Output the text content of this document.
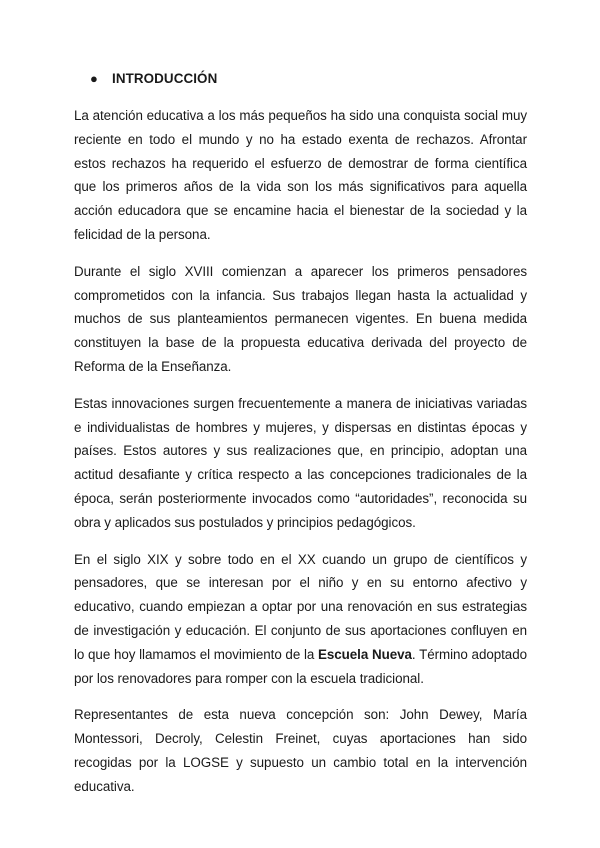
●	INTRODUCCIÓN

La atención educativa a los más pequeños ha sido una conquista social muy reciente en todo el mundo y no ha estado exenta de rechazos. Afrontar estos rechazos ha requerido el esfuerzo de demostrar de forma científica que los primeros años de la vida son los más significativos para aquella acción educadora que se encamine hacia el bienestar de la sociedad y la felicidad de la persona.

Durante el siglo XVIII comienzan a aparecer los primeros pensadores comprometidos con la infancia. Sus trabajos llegan hasta la actualidad y muchos de sus planteamientos permanecen vigentes. En buena medida constituyen la base de la propuesta educativa derivada del proyecto de Reforma de la Enseñanza.

Estas innovaciones surgen frecuentemente a manera de iniciativas variadas e individualistas de hombres y mujeres, y dispersas en distintas épocas y países. Estos autores y sus realizaciones que, en principio, adoptan una actitud desafiante y crítica respecto a las concepciones tradicionales de la época, serán posteriormente invocados como “autoridades”, reconocida su obra y aplicados sus postulados y principios pedagógicos.

En el siglo XIX y sobre todo en el XX cuando un grupo de científicos y pensadores, que se interesan por el niño y en su entorno afectivo y educativo, cuando empiezan a optar por una renovación en sus estrategias de investigación y educación. El conjunto de sus aportaciones confluyen en lo que hoy llamamos el movimiento de la Escuela Nueva. Término adoptado por los renovadores para romper con la escuela tradicional.

Representantes de esta nueva concepción son: John Dewey, María Montessori, Decroly, Celestin Freinet, cuyas aportaciones han sido recogidas por la LOGSE y supuesto un cambio total en la intervención educativa.
